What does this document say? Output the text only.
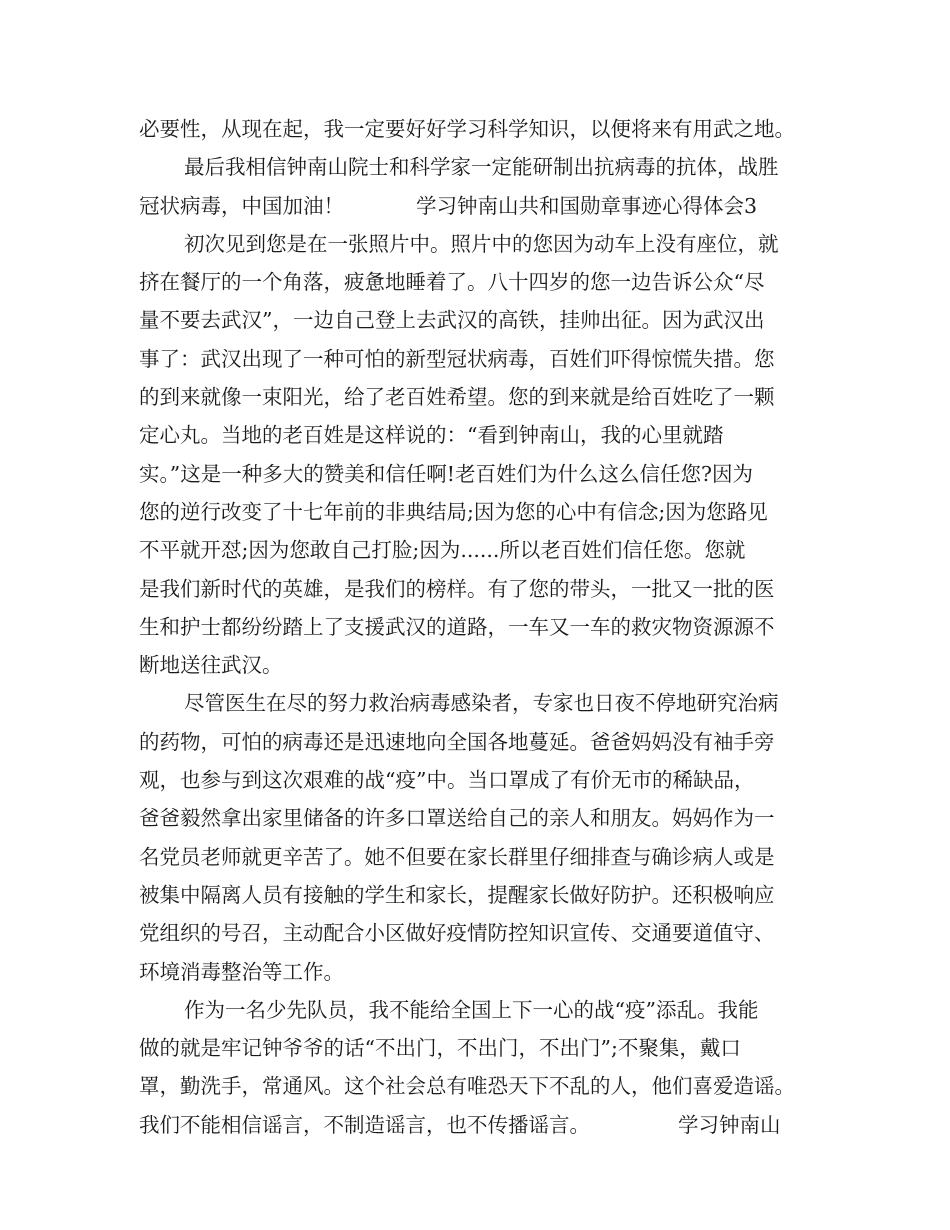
必要性，从现在起，我一定要好好学习科学知识，以便将来有用武之地。
最后我相信钟南山院士和科学家一定能研制出抗病毒的抗体，战胜
冠状病毒，中国加油！	学习钟南山共和国勋章事迹心得体会3
初次见到您是在一张照片中。照片中的您因为动车上没有座位，就
挤在餐厅的一个角落，疲惫地睡着了。八十四岁的您一边告诉公众“尽
量不要去武汉”，一边自己登上去武汉的高铁，挂帅出征。因为武汉出
事了：武汉出现了一种可怕的新型冠状病毒，百姓们吓得惊慌失措。您
的到来就像一束阳光，给了老百姓希望。您的到来就是给百姓吃了一颗
定心丸。当地的老百姓是这样说的：“看到钟南山，我的心里就踏
实。”这是一种多大的赞美和信任啊!老百姓们为什么这么信任您?因为
您的逆行改变了十七年前的非典结局;因为您的心中有信念;因为您路见
不平就开怼;因为您敢自己打脸;因为......所以老百姓们信任您。您就
是我们新时代的英雄，是我们的榜样。有了您的带头，一批又一批的医
生和护士都纷纷踏上了支援武汉的道路，一车又一车的救灾物资源源不
断地送往武汉。
尽管医生在尽的努力救治病毒感染者，专家也日夜不停地研究治病
的药物，可怕的病毒还是迅速地向全国各地蔓延。爸爸妈妈没有袖手旁
观，也参与到这次艰难的战“疫”中。当口罩成了有价无市的稀缺品，
爸爸毅然拿出家里储备的许多口罩送给自己的亲人和朋友。妈妈作为一
名党员老师就更辛苦了。她不但要在家长群里仔细排查与确诊病人或是
被集中隔离人员有接触的学生和家长，提醒家长做好防护。还积极响应
党组织的号召，主动配合小区做好疫情防控知识宣传、交通要道值守、
环境消毒整治等工作。
作为一名少先队员，我不能给全国上下一心的战“疫”添乱。我能
做的就是牢记钟爷爷的话“不出门，不出门，不出门”;不聚集，戴口
罩，勤洗手，常通风。这个社会总有唯恐天下不乱的人，他们喜爱造谣。
我们不能相信谣言，不制造谣言，也不传播谣言。	学习钟南山
